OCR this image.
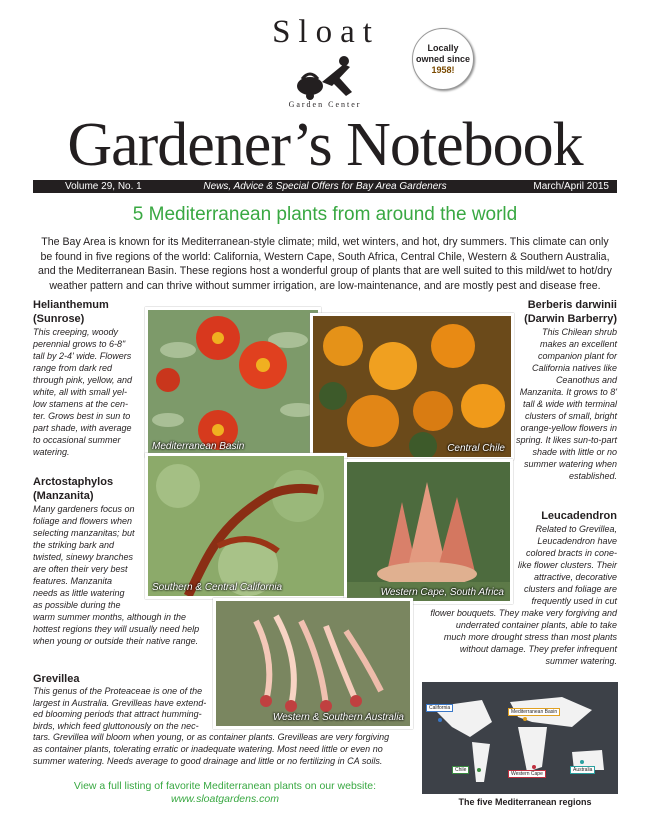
Sloat
Garden Center
Locally
owned since
1958!
Gardener’s Notebook
Volume 29, No. 1	News, Advice & Special Offers for Bay Area Gardeners	March/April 2015
5 Mediterranean plants from around the world
The Bay Area is known for its Mediterranean-style climate; mild, wet winters, and hot, dry summers. This climate can only be found in five regions of the world: California, Western Cape, South Africa, Central Chile, Western & Southern Australia, and the Mediterranean Basin. These regions host a wonderful group of plants that are well suited to this mild/wet to hot/dry weather pattern and can thrive without summer irrigation, are low-maintenance, and are mostly pest and disease free.
Helianthemum
(Sunrose)
This creeping, woody
perennial grows to 6-8"
tall by 2-4' wide. Flowers
range from dark red
through pink, yellow, and
white, all with small yel-
low stamens at the cen-
ter. Grows best in sun to
part shade, with average
to occasional summer
watering.
Arctostaphylos
(Manzanita)
Many gardeners focus on
foliage and flowers when
selecting manzanitas; but
the striking bark and
twisted, sinewy branches
are often their very best
features. Manzanita
needs as little watering
as possible during the
warm summer months, although in the
hottest regions they will usually need help
when young or outside their native range.
Grevillea
This genus of the Proteaceae is one of the
largest in Australia. Grevilleas have extend-
ed blooming periods that attract humming-
birds, which feed gluttonously on the nec-
tars. Grevillea will bloom when young, or as container plants. Grevilleas are very forgiving
as container plants, tolerating erratic or inadequate watering. Most need little or even no
summer watering. Needs average to good drainage and little or no fertilizing in CA soils.
Berberis darwinii
(Darwin Barberry)
This Chilean shrub
makes an excellent
companion plant for
California natives like
Ceanothus and
Manzanita. It grows to 8'
tall & wide with terminal
clusters of small, bright
orange-yellow flowers in
spring. It likes sun-to-part
shade with little or no
summer watering when
established.
Leucadendron
Related to Grevillea,
Leucadendron have
colored bracts in cone-
like flower clusters. Their
attractive, decorative
clusters and foliage are
frequently used in cut
flower bouquets. They make very forgiving and
underrated container plants, able to take
much more drought stress than most plants
without damage. They prefer infrequent
summer watering.
Mediterranean Basin	Central Chile
Southern & Central California	Western Cape, South Africa
Western & Southern Australia
California
Mediterranean Basin
Chile
Western Cape
Australia
The five Mediterranean regions
View a full listing of favorite Mediterranean plants on our website:
www.sloatgardens.com
